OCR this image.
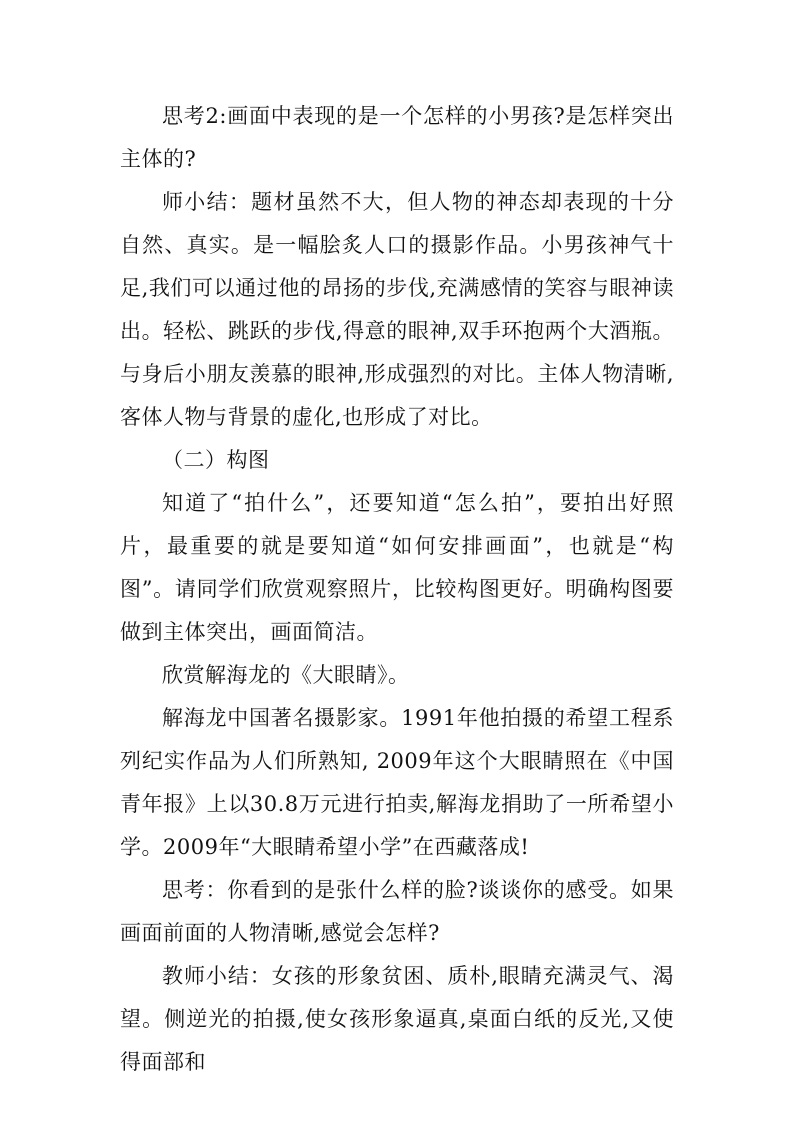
思考2:画面中表现的是一个怎样的小男孩?是怎样突出主体的?

师小结：题材虽然不大，但人物的神态却表现的十分自然、真实。是一幅脍炙人口的摄影作品。小男孩神气十足,我们可以通过他的昂扬的步伐,充满感情的笑容与眼神读出。轻松、跳跃的步伐,得意的眼神,双手环抱两个大酒瓶。与身后小朋友羡慕的眼神,形成强烈的对比。主体人物清晰,客体人物与背景的虚化,也形成了对比。

（二）构图

知道了“拍什么”，还要知道“怎么拍”，要拍出好照片，最重要的就是要知道“如何安排画面”，也就是“构图”。请同学们欣赏观察照片，比较构图更好。明确构图要做到主体突出，画面简洁。

欣赏解海龙的《大眼睛》。

解海龙中国著名摄影家。1991年他拍摄的希望工程系列纪实作品为人们所熟知, 2009年这个大眼睛照在《中国青年报》上以30.8万元进行拍卖,解海龙捐助了一所希望小学。2009年“大眼睛希望小学”在西藏落成!

思考：你看到的是张什么样的脸?谈谈你的感受。如果画面前面的人物清晰,感觉会怎样?

教师小结：女孩的形象贫困、质朴,眼睛充满灵气、渴望。侧逆光的拍摄,使女孩形象逼真,桌面白纸的反光,又使得面部和
